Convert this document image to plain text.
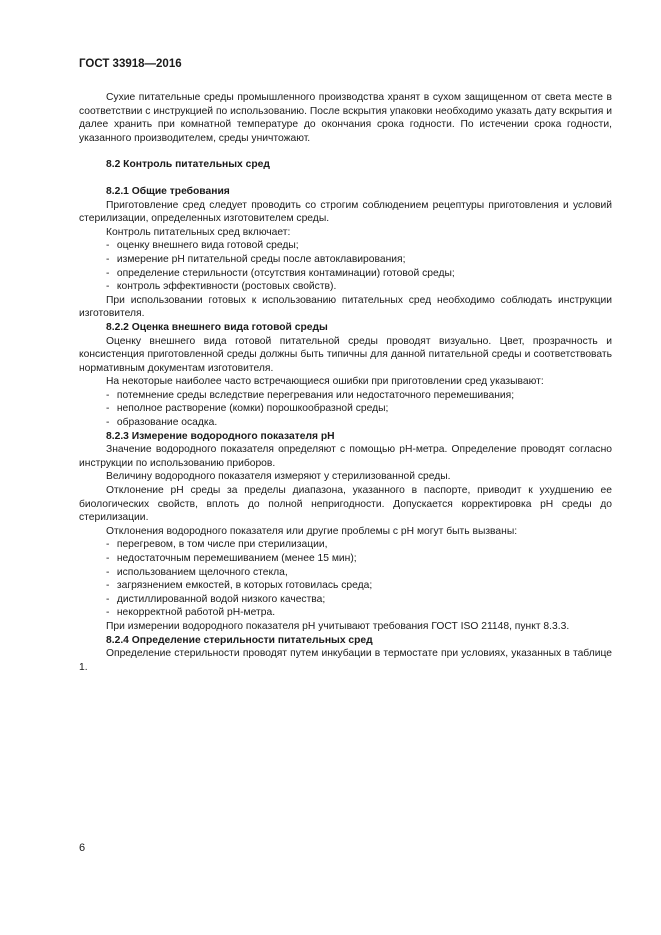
ГОСТ 33918—2016

Сухие питательные среды промышленного производства хранят в сухом защищенном от света месте в соответствии с инструкцией по использованию. После вскрытия упаковки необходимо указать дату вскрытия и далее хранить при комнатной температуре до окончания срока годности. По истечении срока годности, указанного производителем, среды уничтожают.

8.2 Контроль питательных сред
8.2.1 Общие требования

Приготовление сред следует проводить со строгим соблюдением рецептуры приготовления и условий стерилизации, определенных изготовителем среды.

Контроль питательных сред включает:

- оценку внешнего вида готовой среды;
- измерение pH питательной среды после автоклавирования;
- определение стерильности (отсутствия контаминации) готовой среды;
- контроль эффективности (ростовых свойств).

При использовании готовых к использованию питательных сред необходимо соблюдать инструкции изготовителя.

8.2.2 Оценка внешнего вида готовой среды

Оценку внешнего вида готовой питательной среды проводят визуально. Цвет, прозрачность и консистенция приготовленной среды должны быть типичны для данной питательной среды и соответствовать нормативным документам изготовителя.

На некоторые наиболее часто встречающиеся ошибки при приготовлении сред указывают:

- потемнение среды вследствие перегревания или недостаточного перемешивания;
- неполное растворение (комки) порошкообразной среды;
- образование осадка.
8.2.3 Измерение водородного показателя pH

Значение водородного показателя определяют с помощью pH-метра. Определение проводят согласно инструкции по использованию приборов.

Величину водородного показателя измеряют у стерилизованной среды.

Отклонение pH среды за пределы диапазона, указанного в паспорте, приводит к ухудшению ее биологических свойств, вплоть до полной непригодности. Допускается корректировка pH среды до стерилизации.

Отклонения водородного показателя или другие проблемы с pH могут быть вызваны:

- перегревом, в том числе при стерилизации,
- недостаточным перемешиванием (менее 15 мин);
- использованием щелочного стекла,
- загрязнением емкостей, в которых готовилась среда;
- дистиллированной водой низкого качества;
- некорректной работой pH-метра.

При измерении водородного показателя pH учитывают требования ГОСТ ISO 21148, пункт 8.3.3.

8.2.4 Определение стерильности питательных сред

Определение стерильности проводят путем инкубации в термостате при условиях, указанных в таблице 1.

6
